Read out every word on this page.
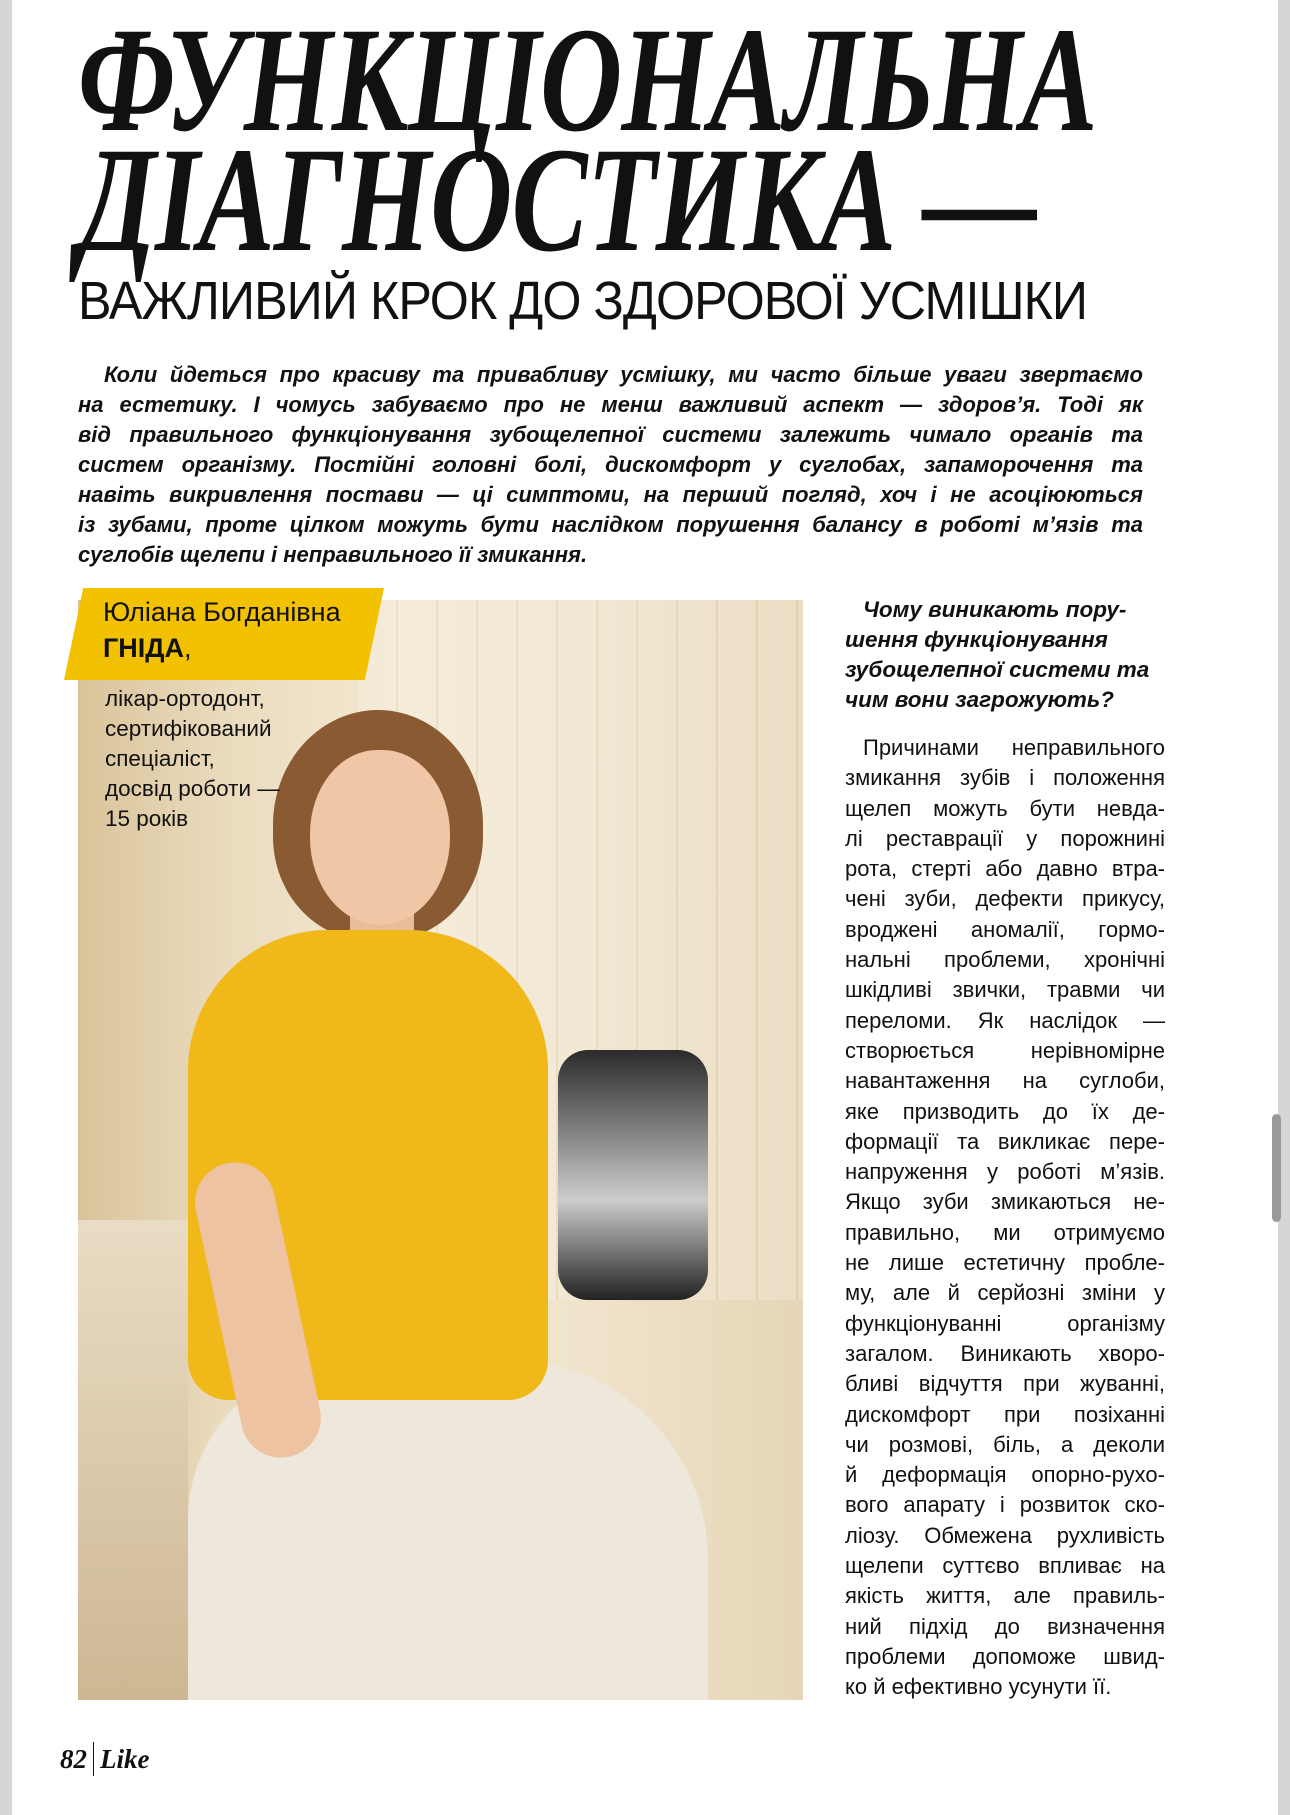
ФУНКЦІОНАЛЬНА
ДІАГНОСТИКА —
ВАЖЛИВИЙ КРОК ДО ЗДОРОВОЇ УСМІШКИ
Коли йдеться про красиву та привабливу усмішку, ми часто більше уваги звертаємо
на естетику. І чомусь забуваємо про не менш важливий аспект — здоров’я. Тоді як
від правильного функціонування зубощелепної системи залежить чимало органів та
систем організму. Постійні головні болі, дискомфорт у суглобах, запаморочення та
навіть викривлення постави — ці симптоми, на перший погляд, хоч і не асоціюються
із зубами, проте цілком можуть бути наслідком порушення балансу в роботі м’язів та
суглобів щелепи і неправильного її змикання.
Юліана Богданівна
ГНІДА,
лікар-ортодонт,
сертифікований
спеціаліст,
досвід роботи —
15 років
Чому виникають пору-
шення функціонування
зубощелепної системи та
чим вони загрожують?
Причинами неправильного
змикання зубів і положення
щелеп можуть бути невда-
лі реставрації у порожнині
рота, стерті або давно втра-
чені зуби, дефекти прикусу,
вроджені аномалії, гормо-
нальні проблеми, хронічні
шкідливі звички, травми чи
переломи. Як наслідок —
створюється нерівномірне
навантаження на суглоби,
яке призводить до їх де-
формації та викликає пере-
напруження у роботі м’язів.
Якщо зуби змикаються не-
правильно, ми отримуємо
не лише естетичну пробле-
му, але й серйозні зміни у
функціонуванні організму
загалом. Виникають хворо-
бливі відчуття при жуванні,
дискомфорт при позіханні
чи розмові, біль, а деколи
й деформація опорно-рухо-
вого апарату і розвиток ско-
ліозу. Обмежена рухливість
щелепи суттєво впливає на
якість життя, але правиль-
ний підхід до визначення
проблеми допоможе швид-
ко й ефективно усунути її.
82 Like
